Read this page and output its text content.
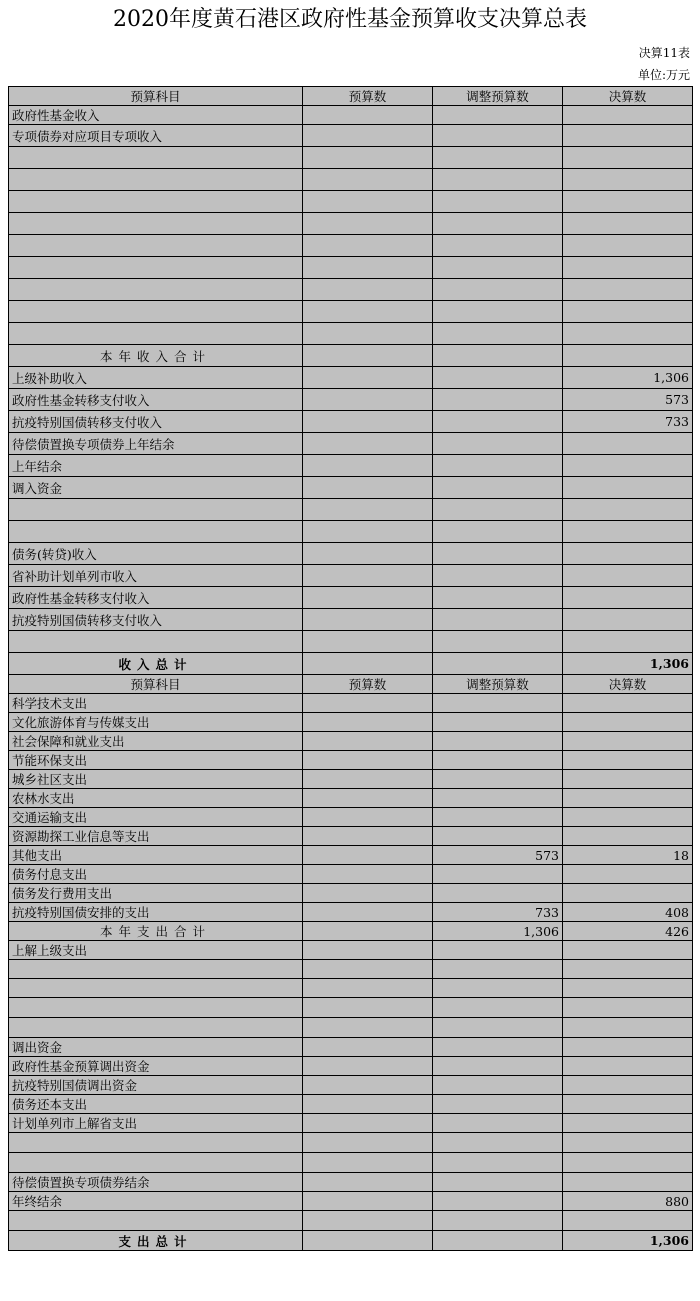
2020年度黄石港区政府性基金预算收支决算总表
决算11表
单位:万元
预算科目	预算数	调整预算数	决算数
政府性基金收入			
专项债券对应项目专项收入			

本年收入合计			
上级补助收入			1,306
政府性基金转移支付收入			573
抗疫特别国债转移支付收入			733
待偿债置换专项债券上年结余			
上年结余			
调入资金			

债务(转贷)收入			
省补助计划单列市收入			
政府性基金转移支付收入			
抗疫特别国债转移支付收入			

收入总计			1,306
预算科目	预算数	调整预算数	决算数
科学技术支出			
文化旅游体育与传媒支出			
社会保障和就业支出			
节能环保支出			
城乡社区支出			
农林水支出			
交通运输支出			
资源勘探工业信息等支出			
其他支出		573	18
债务付息支出			
债务发行费用支出			
抗疫特别国债安排的支出		733	408
本年支出合计		1,306	426
上解上级支出			

调出资金			
政府性基金预算调出资金			
抗疫特别国债调出资金			
债务还本支出			
计划单列市上解省支出			

待偿债置换专项债券结余			
年终结余			880

支出总计			1,306
